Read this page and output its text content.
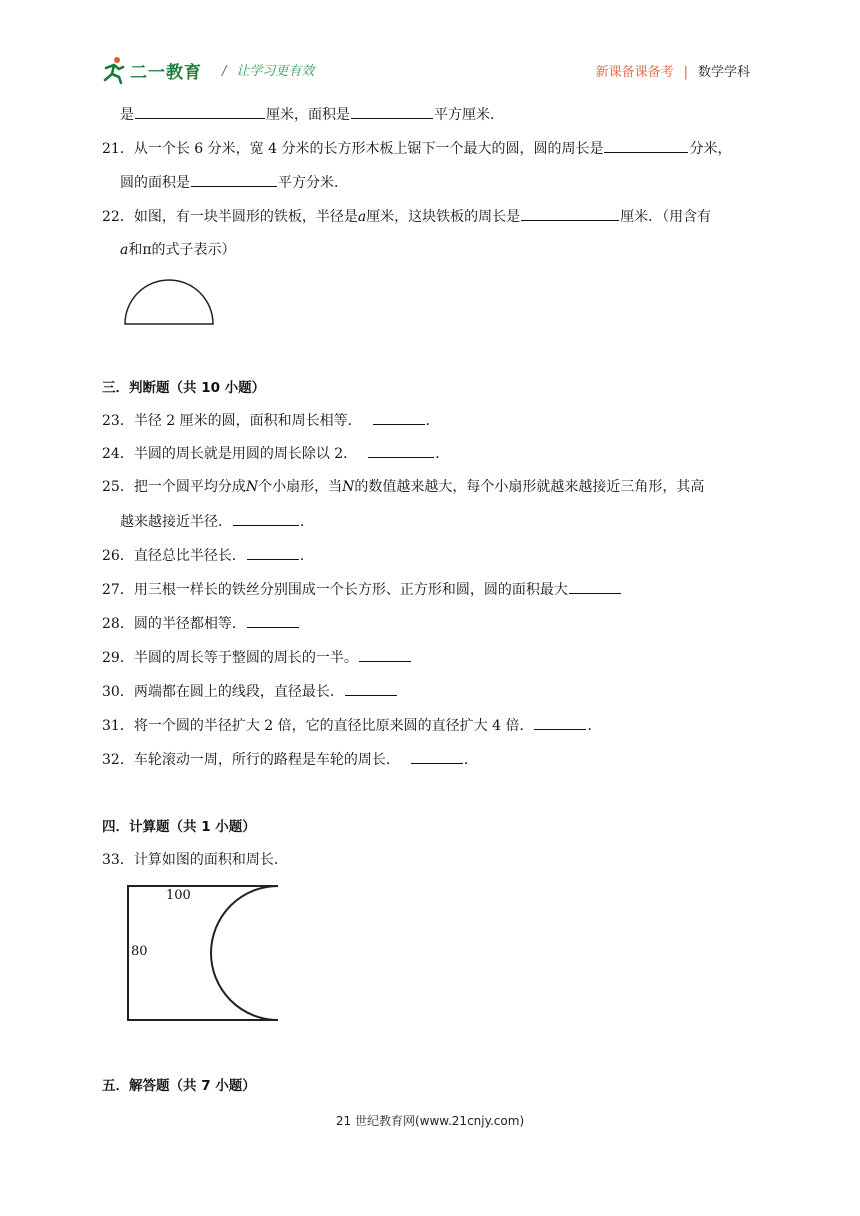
二一教育 / 让学习更有效	新课备课备考 | 数学学科
是	厘米，面积是	平方厘米．
21．从一个长 6 分米，宽 4 分米的长方形木板上锯下一个最大的圆，圆的周长是	分米，
圆的面积是	平方分米．
22．如图，有一块半圆形的铁板，半径是a厘米，这块铁板的周长是	厘米．（用含有
a和π的式子表示）
三．判断题（共 10 小题）
23．半径 2 厘米的圆，面积和周长相等．	．
24．半圆的周长就是用圆的周长除以 2．	．
25．把一个圆平均分成N个小扇形，当N的数值越来越大，每个小扇形就越来越接近三角形，其高
越来越接近半径．	．
26．直径总比半径长．	．
27．用三根一样长的铁丝分别围成一个长方形、正方形和圆，圆的面积最大
28．圆的半径都相等．
29．半圆的周长等于整圆的周长的一半。
30．两端都在圆上的线段，直径最长．
31．将一个圆的半径扩大 2 倍，它的直径比原来圆的直径扩大 4 倍．	．
32．车轮滚动一周，所行的路程是车轮的周长．	．
四．计算题（共 1 小题）
33．计算如图的面积和周长．
100
80
五．解答题（共 7 小题）
21 世纪教育网(www.21cnjy.com)
